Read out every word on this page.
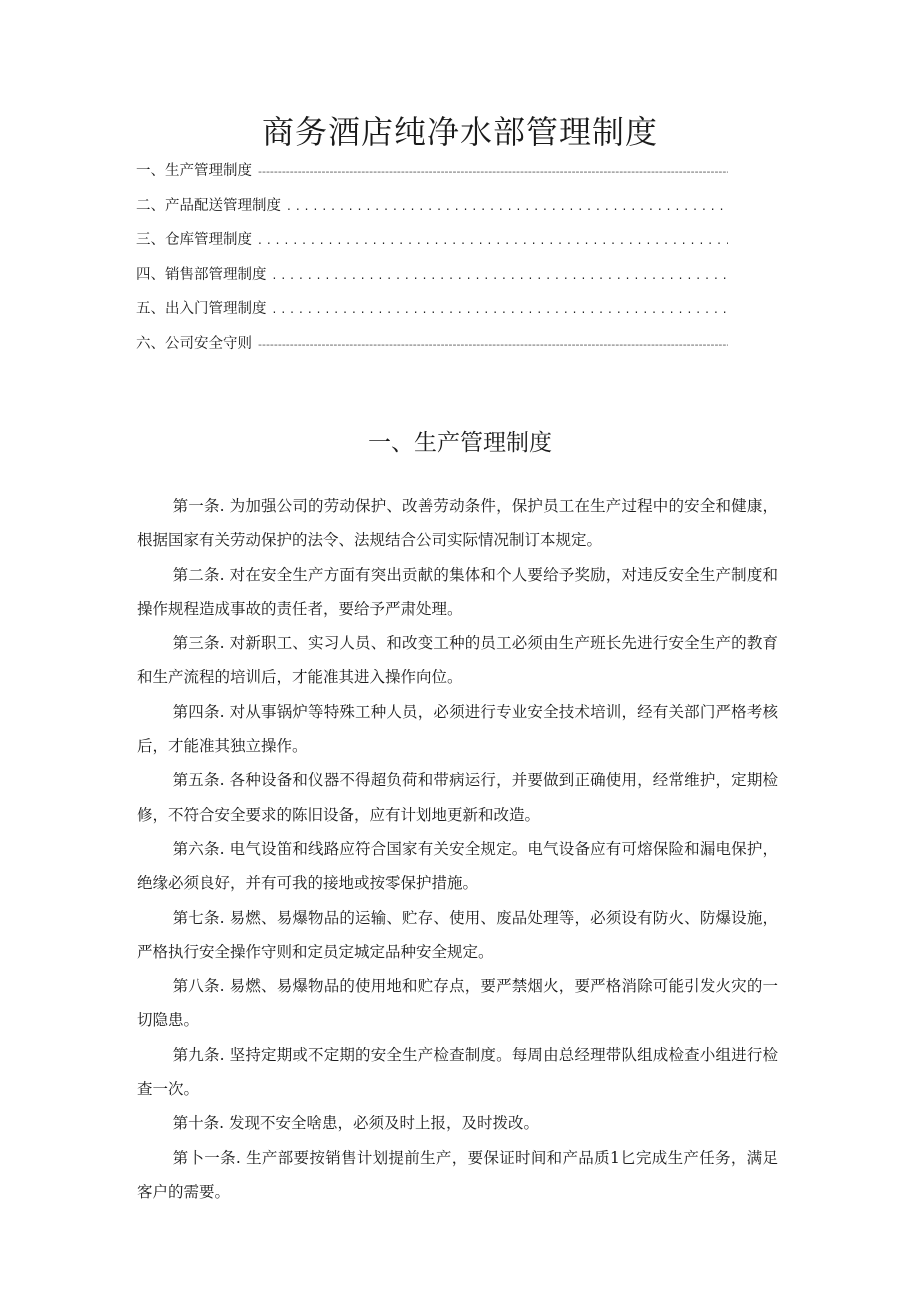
商务酒店纯净水部管理制度
一、生产管理制度
-----
二、产品配送管理制度
. . .
三、仓库管理制度
. . .
四、销售部管理制度
. . .
五、出入门管理制度
. . .
六、公司安全守则
-----
一、生产管理制度

第一条. 为加强公司的劳动保护、改善劳动条件，保护员工在生产过程中的安全和健康，根据国家有关劳动保护的法令、法规结合公司实际情况制订本规定。

第二条. 对在安全生产方面有突出贡献的集体和个人要给予奖励，对违反安全生产制度和操作规程造成事故的责任者，要给予严肃处理。

第三条. 对新职工、实习人员、和改变工种的员工必须由生产班长先进行安全生产的教育和生产流程的培训后，才能准其进入操作向位。

第四条. 对从事锅炉等特殊工种人员，必须进行专业安全技术培训，经有关部门严格考核后，才能准其独立操作。

第五条. 各种设备和仪器不得超负荷和带病运行，并要做到正确使用，经常维护，定期检修，不符合安全要求的陈旧设备，应有计划地更新和改造。

第六条. 电气设笛和线路应符合国家有关安全规定。电气设备应有可熔保险和漏电保护，绝缘必须良好，并有可我的接地或按零保护措施。

第七条. 易燃、易爆物品的运输、贮存、使用、废品处理等，必须设有防火、防爆设施，严格执行安全操作守则和定员定城定品种安全规定。

第八条. 易燃、易爆物品的使用地和贮存点，要严禁烟火，要严格消除可能引发火灾的一切隐患。

第九条. 坚持定期或不定期的安全生产检查制度。每周由总经理带队组成检查小组进行检查一次。

第十条. 发现不安全啥患，必须及时上报，及时拨改。

第卜一条. 生产部要按销售计划提前生产，要保证时间和产品质1匕完成生产任务，满足客户的需要。
